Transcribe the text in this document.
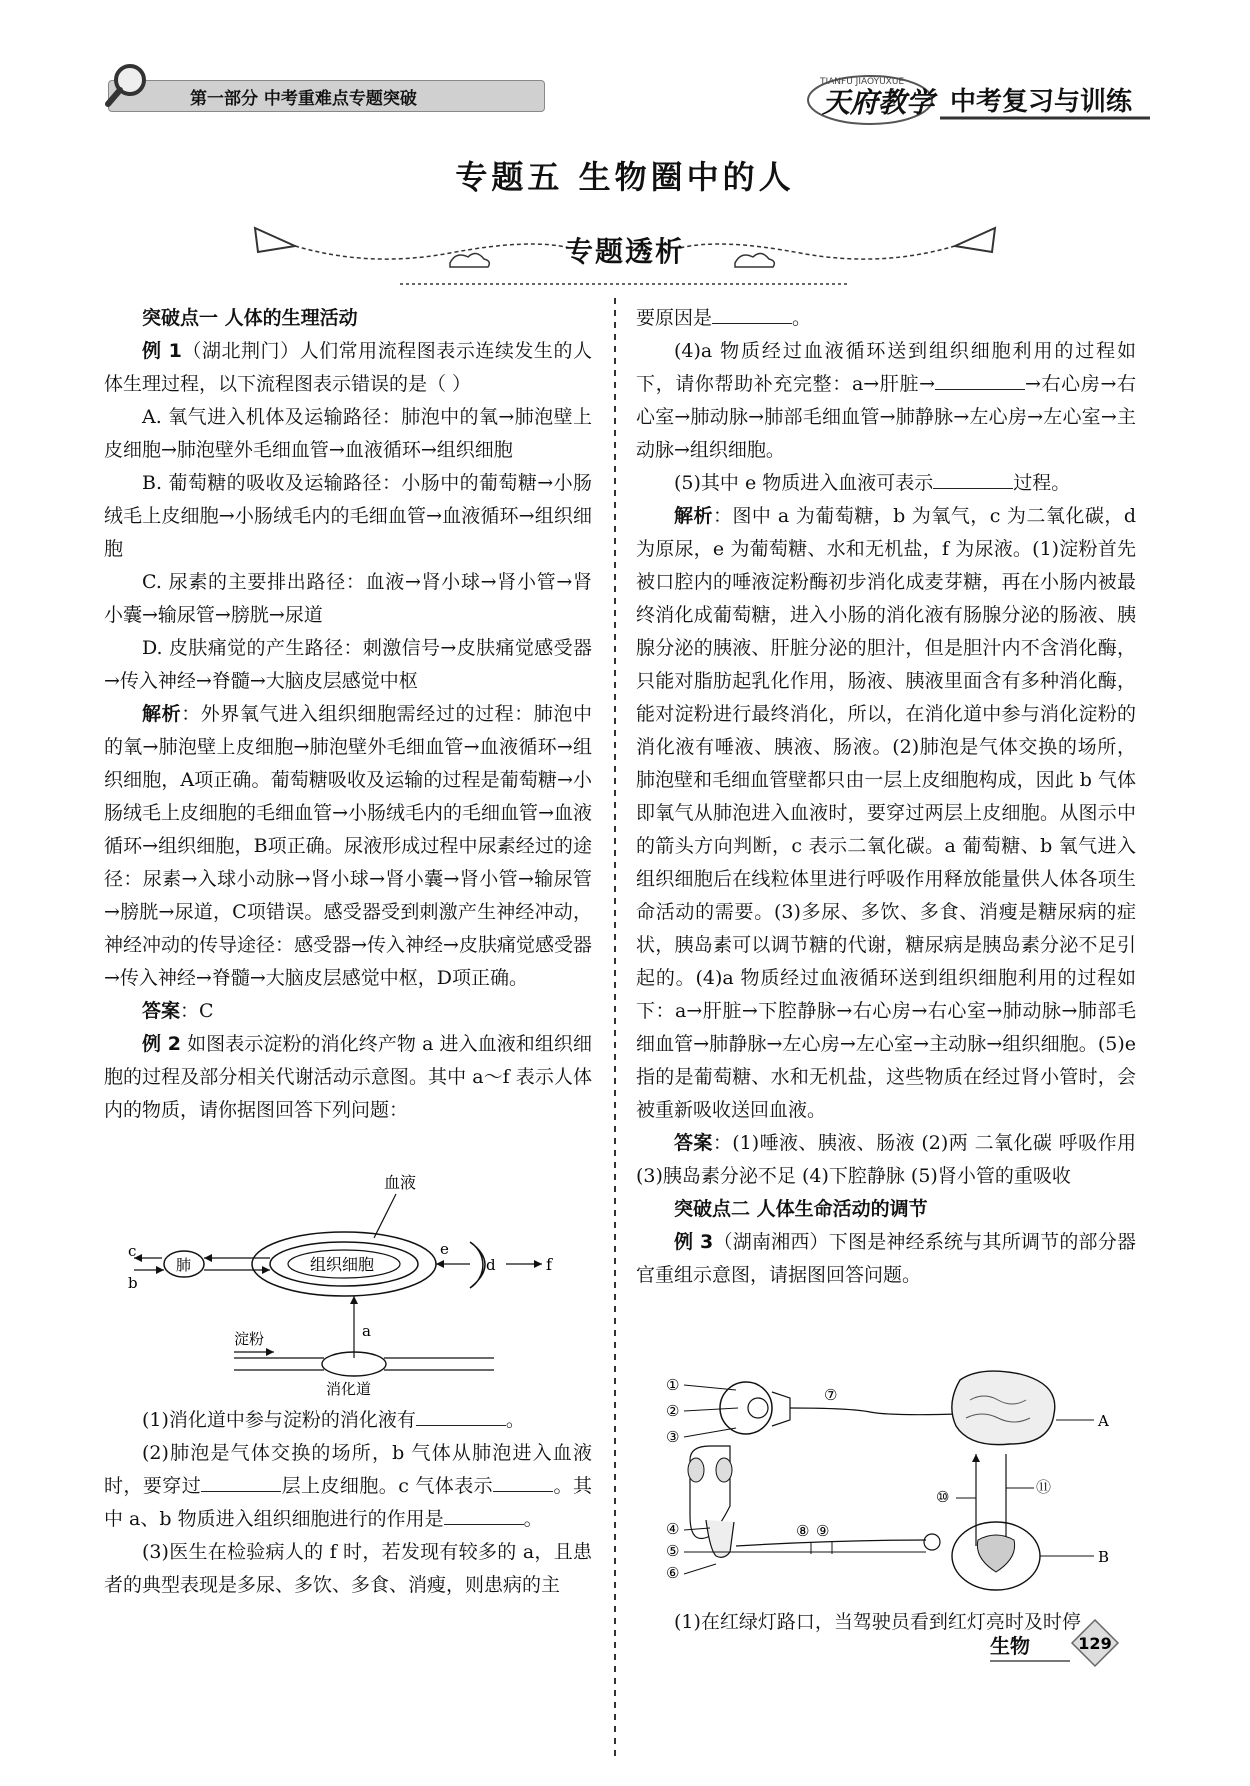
第一部分 中考重难点专题突破
TIANFU JIAOYUXUE
天府教学 中考复习与训练
专题五 生物圈中的人
专题透析

突破点一 人体的生理活动

例 1（湖北荆门）人们常用流程图表示连续发生的人体生理过程，以下流程图表示错误的是（ ）

A. 氧气进入机体及运输路径：肺泡中的氧→肺泡壁上皮细胞→肺泡壁外毛细血管→血液循环→组织细胞

B. 葡萄糖的吸收及运输路径：小肠中的葡萄糖→小肠绒毛上皮细胞→小肠绒毛内的毛细血管→血液循环→组织细胞

C. 尿素的主要排出路径：血液→肾小球→肾小管→肾小囊→输尿管→膀胱→尿道

D. 皮肤痛觉的产生路径：刺激信号→皮肤痛觉感受器→传入神经→脊髓→大脑皮层感觉中枢

解析：外界氧气进入组织细胞需经过的过程：肺泡中的氧→肺泡壁上皮细胞→肺泡壁外毛细血管→血液循环→组织细胞，A项正确。葡萄糖吸收及运输的过程是葡萄糖→小肠绒毛上皮细胞的毛细血管→小肠绒毛内的毛细血管→血液循环→组织细胞，B项正确。尿液形成过程中尿素经过的途径：尿素→入球小动脉→肾小球→肾小囊→肾小管→输尿管→膀胱→尿道，C项错误。感受器受到刺激产生神经冲动，神经冲动的传导途径：感受器→传入神经→皮肤痛觉感受器→传入神经→脊髓→大脑皮层感觉中枢，D项正确。

答案：C

例 2 如图表示淀粉的消化终产物 a 进入血液和组织细胞的过程及部分相关代谢活动示意图。其中 a～f 表示人体内的物质，请你据图回答下列问题：

血液
组织细胞
肺
c
b
e
d	f
a
淀粉
消化道

(1)消化道中参与淀粉的消化液有	。

(2)肺泡是气体交换的场所，b 气体从肺泡进入血液时，要穿过	层上皮细胞。c 气体表示	。其中 a、b 物质进入组织细胞进行的作用是	。

(3)医生在检验病人的 f 时，若发现有较多的 a，且患者的典型表现是多尿、多饮、多食、消瘦，则患病的主

要原因是	。

(4)a 物质经过血液循环送到组织细胞利用的过程如下，请你帮助补充完整：a→肝脏→	→右心房→右心室→肺动脉→肺部毛细血管→肺静脉→左心房→左心室→主动脉→组织细胞。

(5)其中 e 物质进入血液可表示	过程。

解析：图中 a 为葡萄糖，b 为氧气，c 为二氧化碳，d 为原尿，e 为葡萄糖、水和无机盐，f 为尿液。(1)淀粉首先被口腔内的唾液淀粉酶初步消化成麦芽糖，再在小肠内被最终消化成葡萄糖，进入小肠的消化液有肠腺分泌的肠液、胰腺分泌的胰液、肝脏分泌的胆汁，但是胆汁内不含消化酶，只能对脂肪起乳化作用，肠液、胰液里面含有多种消化酶，能对淀粉进行最终消化，所以，在消化道中参与消化淀粉的消化液有唾液、胰液、肠液。(2)肺泡是气体交换的场所，肺泡壁和毛细血管壁都只由一层上皮细胞构成，因此 b 气体即氧气从肺泡进入血液时，要穿过两层上皮细胞。从图示中的箭头方向判断，c 表示二氧化碳。a 葡萄糖、b 氧气进入组织细胞后在线粒体里进行呼吸作用释放能量供人体各项生命活动的需要。(3)多尿、多饮、多食、消瘦是糖尿病的症状，胰岛素可以调节糖的代谢，糖尿病是胰岛素分泌不足引起的。(4)a 物质经过血液循环送到组织细胞利用的过程如下：a→肝脏→下腔静脉→右心房→右心室→肺动脉→肺部毛细血管→肺静脉→左心房→左心室→主动脉→组织细胞。(5)e 指的是葡萄糖、水和无机盐，这些物质在经过肾小管时，会被重新吸收送回血液。

答案：(1)唾液、胰液、肠液 (2)两 二氧化碳 呼吸作用 (3)胰岛素分泌不足 (4)下腔静脉 (5)肾小管的重吸收

突破点二 人体生命活动的调节

例 3（湖南湘西）下图是神经系统与其所调节的部分器官重组示意图，请据图回答问题。

①
②
③
⑦
A
⑩
⑪
④
⑤
⑥
⑧ ⑨
B

(1)在红绿灯路口，当驾驶员看到红灯亮时及时停

生物	129
